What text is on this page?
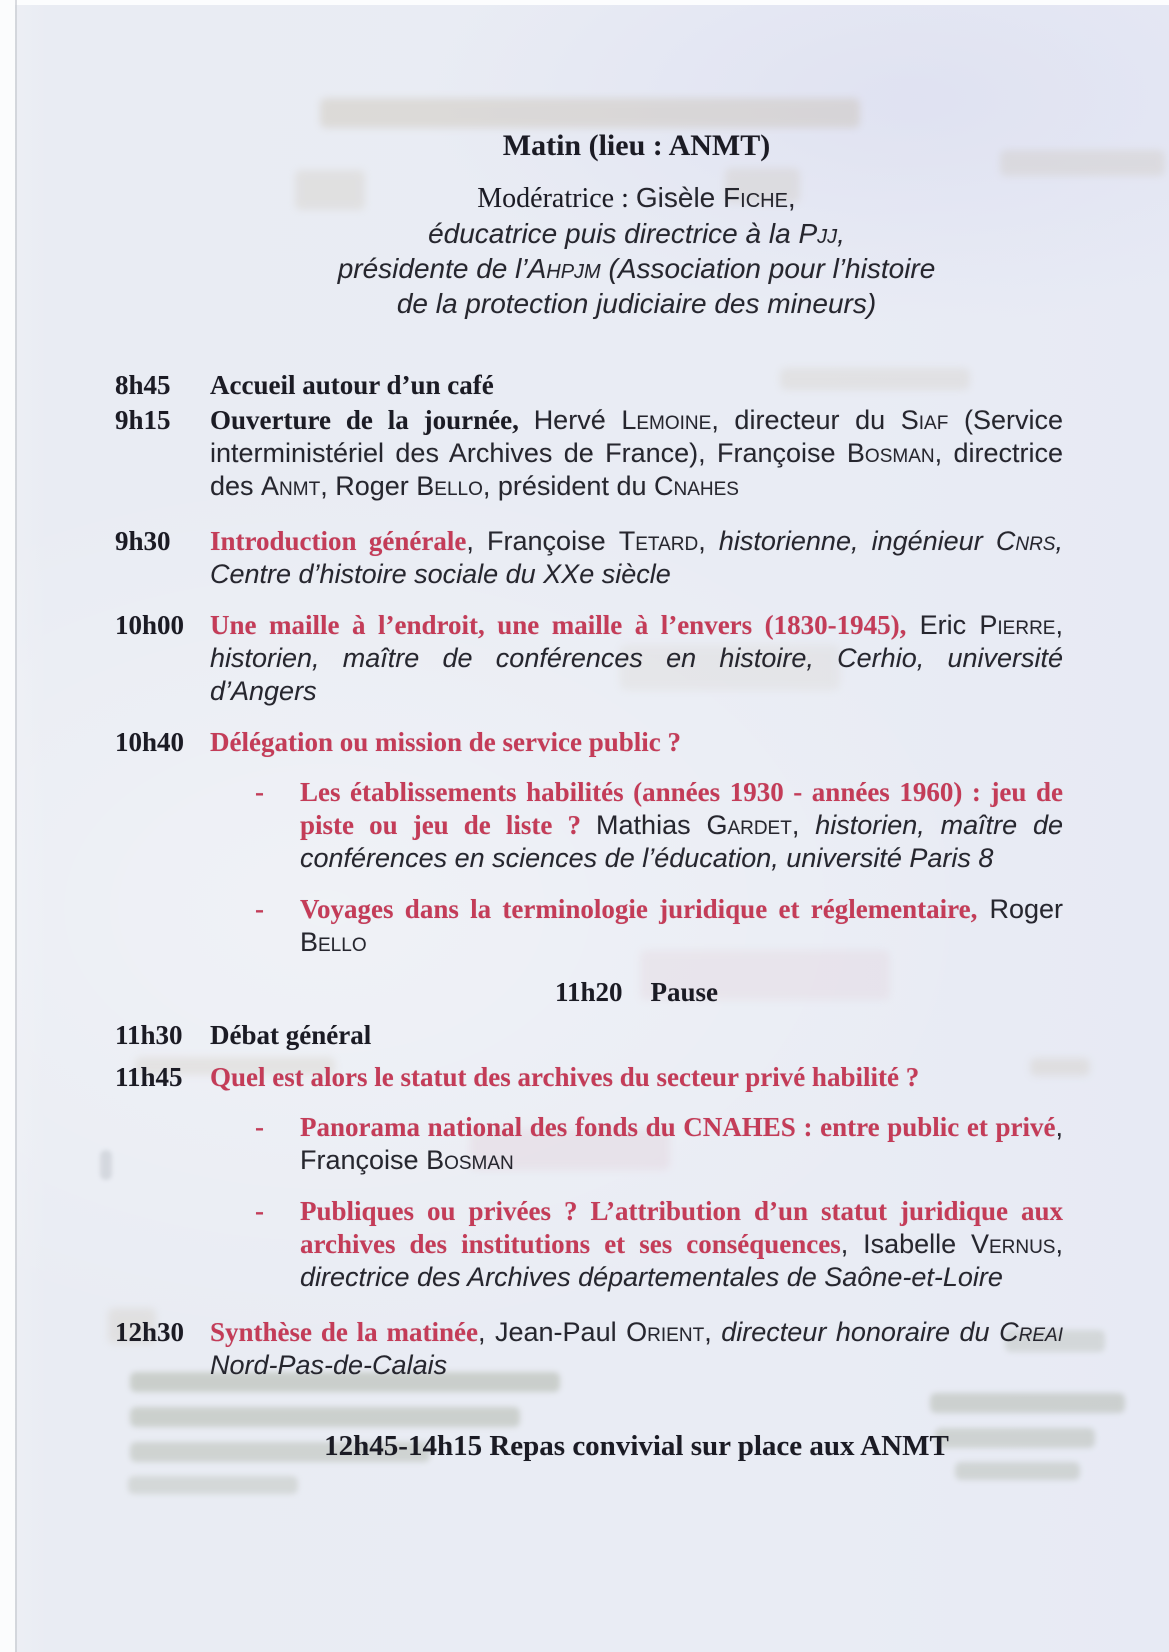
Matin (lieu : ANMT)
Modératrice : Gisèle Fiche,
éducatrice puis directrice à la Pjj,
présidente de l’Ahpjm (Association pour l’histoire
de la protection judiciaire des mineurs)
8h45	Accueil autour d’un café

9h15	Ouverture de la journée, Hervé Lemoine, directeur du Siaf (Service interministériel des Archives de France), Françoise Bosman, directrice des Anmt, Roger Bello, président du Cnahes

9h30	Introduction générale, Françoise Tetard, historienne, ingénieur Cnrs, Centre d’histoire sociale du XXe siècle

10h00 Une maille à l’endroit, une maille à l’envers (1830-1945), Eric Pierre, historien, maître de conférences en histoire, Cerhio, université d’Angers

10h40 Délégation ou mission de service public ?

-	Les établissements habilités (années 1930 - années 1960) : jeu de piste ou jeu de liste ? Mathias Gardet, historien, maître de conférences en sciences de l’éducation, université Paris 8

-	Voyages dans la terminologie juridique et réglementaire, Roger Bello

11h20 Pause
11h30	Débat général

11h45	Quel est alors le statut des archives du secteur privé habilité ?

-	Panorama national des fonds du CNAHES : entre public et privé, Françoise Bosman

-	Publiques ou privées ? L’attribution d’un statut juridique aux archives des institutions et ses conséquences, Isabelle Vernus, directrice des Archives départementales de Saône-et-Loire

12h30 Synthèse de la matinée, Jean-Paul Orient, directeur honoraire du Creai Nord-Pas-de-Calais

12h45-14h15 Repas convivial sur place aux ANMT
